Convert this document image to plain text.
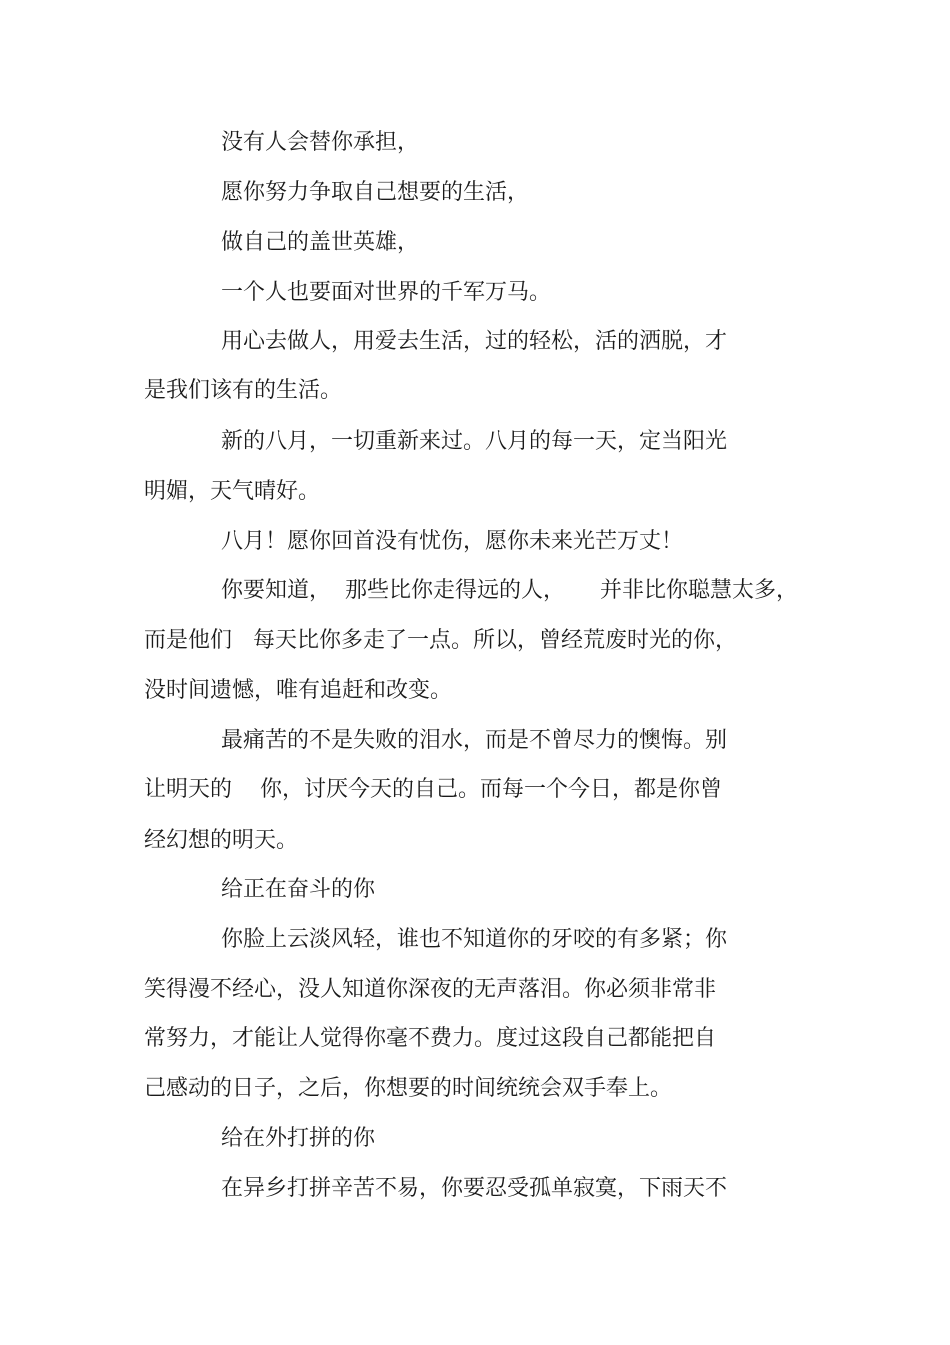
没有人会替你承担，

愿你努力争取自己想要的生活，

做自己的盖世英雄，

一个人也要面对世界的千军万马。

用心去做人，用爱去生活，过的轻松，活的洒脱，才

是我们该有的生活。

新的八月，一切重新来过。八月的每一天，定当阳光

明媚，天气晴好。

八月！愿你回首没有忧伤，愿你未来光芒万丈！

你要知道，  那些比你走得远的人，     并非比你聪慧太多，

而是他们   每天比你多走了一点。所以，曾经荒废时光的你，

没时间遗憾，唯有追赶和改变。

最痛苦的不是失败的泪水，而是不曾尽力的懊悔。别

让明天的    你，讨厌今天的自己。而每一个今日，都是你曾

经幻想的明天。

给正在奋斗的你

你脸上云淡风轻，谁也不知道你的牙咬的有多紧；你

笑得漫不经心，没人知道你深夜的无声落泪。你必须非常非

常努力，才能让人觉得你毫不费力。度过这段自己都能把自

己感动的日子，之后，你想要的时间统统会双手奉上。

给在外打拼的你

在异乡打拼辛苦不易，你要忍受孤单寂寞，下雨天不
